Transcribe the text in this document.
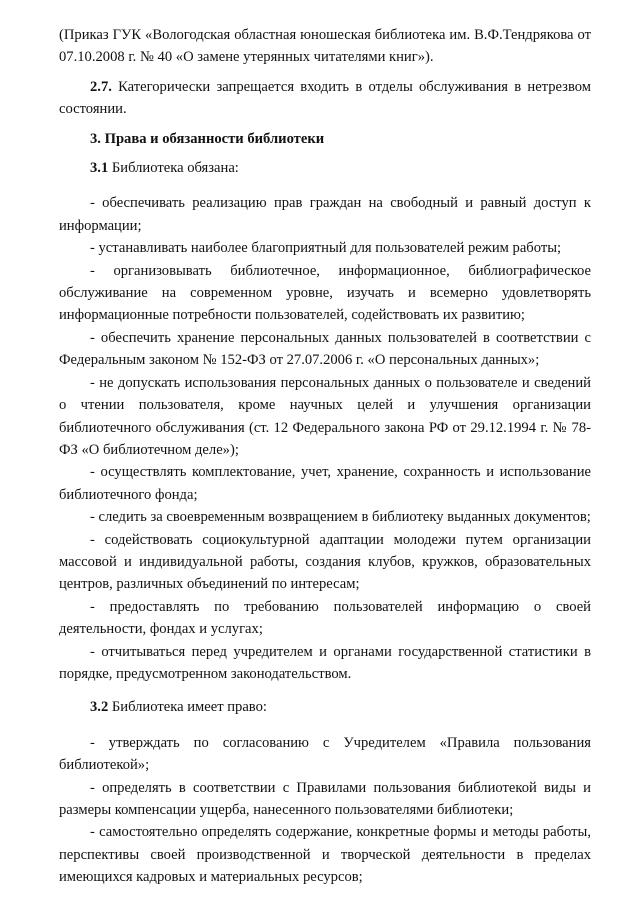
(Приказ ГУК «Вологодская областная юношеская библиотека им. В.Ф.Тендрякова от 07.10.2008 г. № 40 «О замене утерянных читателями книг»).

2.7. Категорически запрещается входить в отделы обслуживания в нетрезвом состоянии.

3. Права и обязанности библиотеки

3.1 Библиотека обязана:

- обеспечивать реализацию прав граждан на свободный и равный доступ к информации;

- устанавливать наиболее благоприятный для пользователей режим работы;

- организовывать библиотечное, информационное, библиографическое обслуживание на современном уровне, изучать и всемерно удовлетворять информационные потребности пользователей, содействовать их развитию;

- обеспечить хранение персональных данных пользователей в соответствии с Федеральным законом № 152-ФЗ от 27.07.2006 г. «О персональных данных»;

- не допускать использования персональных данных о пользователе и сведений о чтении пользователя, кроме научных целей и улучшения организации библиотечного обслуживания (ст. 12 Федерального закона РФ от 29.12.1994 г. № 78-ФЗ «О библиотечном деле»);

- осуществлять комплектование, учет, хранение, сохранность и использование библиотечного фонда;

- следить за своевременным возвращением в библиотеку выданных документов;

- содействовать социокультурной адаптации молодежи путем организации массовой и индивидуальной работы, создания клубов, кружков, образовательных центров, различных объединений по интересам;

- предоставлять по требованию пользователей информацию о своей деятельности, фондах и услугах;

- отчитываться перед учредителем и органами государственной статистики в порядке, предусмотренном законодательством.

3.2 Библиотека имеет право:

- утверждать по согласованию с Учредителем «Правила пользования библиотекой»;

- определять в соответствии с Правилами пользования библиотекой виды и размеры компенсации ущерба, нанесенного пользователями библиотеки;

- самостоятельно определять содержание, конкретные формы и методы работы, перспективы своей производственной и творческой деятельности в пределах имеющихся кадровых и материальных ресурсов;
